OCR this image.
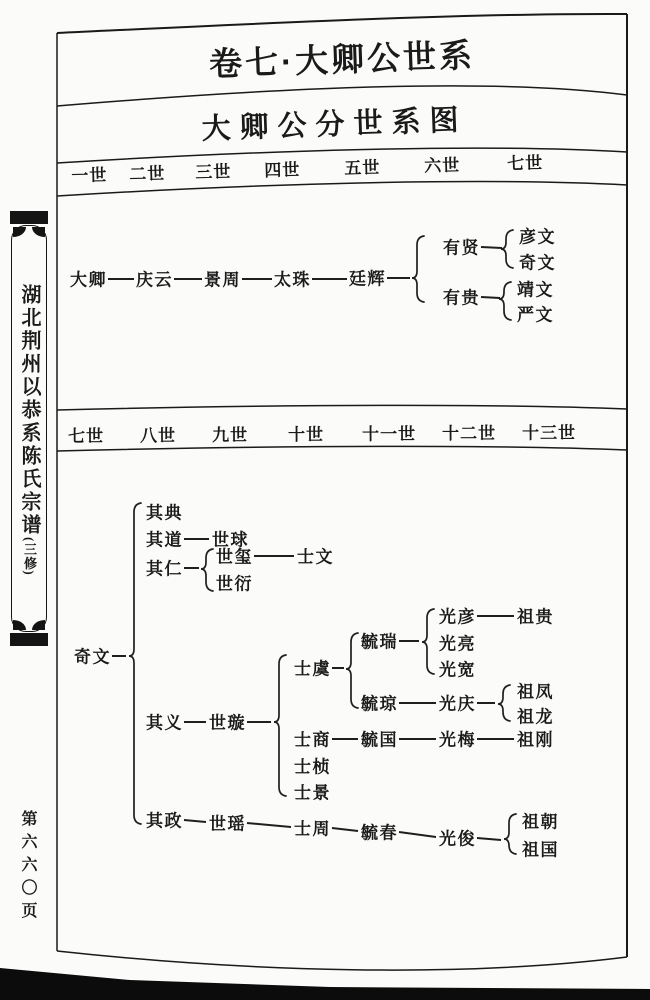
卷七·大卿公世系
大卿公分世系图
一世 二世 三世 四世	五世	六世	七世
七世 八世 九世 十世 十一世 十二世 十三世
大卿 庆云 景周 太珠 廷辉
有贤
有贵
彦文
奇文
靖文
严文
奇文
其典
其道 世球
其仁
世玺	士文
世衍
其义 世璇
士虞
毓瑞
光彦 祖贵
光亮
光宽
毓琼 光庆
祖凤
祖龙
士商 毓国 光梅 祖刚
士桢
士景
其政 世瑶	士周 毓春 光俊
祖朝
祖国
湖北荆州以恭系陈氏宗谱
(三修)
第六六〇页
